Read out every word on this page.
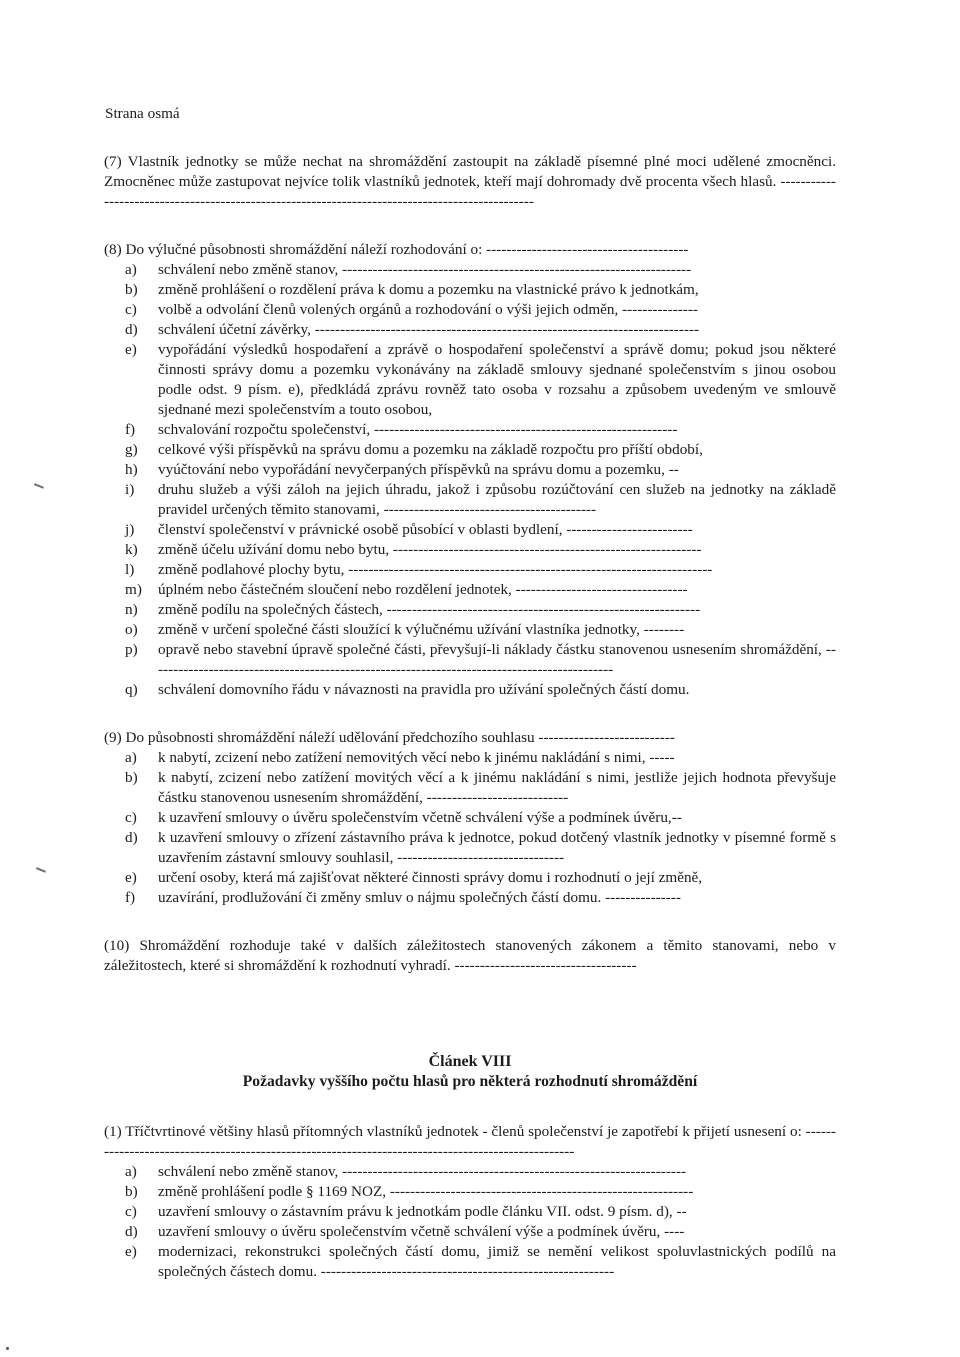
Strana osmá

(7) Vlastník jednotky se může nechat na shromáždění zastoupit na základě písemné plné moci udělené zmocněnci. Zmocněnec může zastupovat nejvíce tolik vlastníků jednotek, kteří mají dohromady dvě procenta všech hlasů. ------------------------------------------------------------------------------------------------

(8) Do výlučné působnosti shromáždění náleží rozhodování o: ----------------------------------------

a) schválení nebo změně stanov, ---------------------------------------------------------------------
b) změně prohlášení o rozdělení práva k domu a pozemku na vlastnické právo k jednotkám,
c) volbě a odvolání členů volených orgánů a rozhodování o výši jejich odměn, ---------------
d) schválení účetní závěrky, ----------------------------------------------------------------------------
e) vypořádání výsledků hospodaření a zprávě o hospodaření společenství a správě domu; pokud jsou některé činnosti správy domu a pozemku vykonávány na základě smlouvy sjednané společenstvím s jinou osobou podle odst. 9 písm. e), předkládá zprávu rovněž tato osoba v rozsahu a způsobem uvedeným ve smlouvě sjednané mezi společenstvím a touto osobou,
f) schvalování rozpočtu společenství, ------------------------------------------------------------
g) celkové výši příspěvků na správu domu a pozemku na základě rozpočtu pro příští období,
h) vyúčtování nebo vypořádání nevyčerpaných příspěvků na správu domu a pozemku, --
i) druhu služeb a výši záloh na jejich úhradu, jakož i způsobu rozúčtování cen služeb na jednotky na základě pravidel určených těmito stanovami, ------------------------------------------
j) členství společenství v právnické osobě působící v oblasti bydlení, -------------------------
k) změně účelu užívání domu nebo bytu, -------------------------------------------------------------
l) změně podlahové plochy bytu, ------------------------------------------------------------------------
m) úplném nebo částečném sloučení nebo rozdělení jednotek, ----------------------------------
n) změně podílu na společných částech, --------------------------------------------------------------
o) změně v určení společné části sloužící k výlučnému užívání vlastníka jednotky, --------
p) opravě nebo stavební úpravě společné části, převyšují-li náklady částku stanovenou usnesením shromáždění, --------------------------------------------------------------------------------------------
q) schválení domovního řádu v návaznosti na pravidla pro užívání společných částí domu.

(9) Do působnosti shromáždění náleží udělování předchozího souhlasu ---------------------------

a) k nabytí, zcizení nebo zatížení nemovitých věcí nebo k jinému nakládání s nimi, -----
b) k nabytí, zcizení nebo zatížení movitých věcí a k jinému nakládání s nimi, jestliže jejich hodnota převyšuje částku stanovenou usnesením shromáždění, ----------------------------
c) k uzavření smlouvy o úvěru společenstvím včetně schválení výše a podmínek úvěru,--
d) k uzavření smlouvy o zřízení zástavního práva k jednotce, pokud dotčený vlastník jednotky v písemné formě s uzavřením zástavní smlouvy souhlasil, ---------------------------------
e) určení osoby, která má zajišťovat některé činnosti správy domu i rozhodnutí o její změně,
f) uzavírání, prodlužování či změny smluv o nájmu společných částí domu. ---------------

(10) Shromáždění rozhoduje také v dalších záležitostech stanovených zákonem a těmito stanovami, nebo v záležitostech, které si shromáždění k rozhodnutí vyhradí. ------------------------------------

Článek VIII

Požadavky vyššího počtu hlasů pro některá rozhodnutí shromáždění

(1) Tříčtvrtinové většiny hlasů přítomných vlastníků jednotek - členů společenství je zapotřebí k přijetí usnesení o: ---------------------------------------------------------------------------------------------------

a) schválení nebo změně stanov, --------------------------------------------------------------------
b) změně prohlášení podle § 1169 NOZ, ------------------------------------------------------------
c) uzavření smlouvy o zástavním právu k jednotkám podle článku VII. odst. 9 písm. d), --
d) uzavření smlouvy o úvěru společenstvím včetně schválení výše a podmínek úvěru, ----
e) modernizaci, rekonstrukci společných částí domu, jimiž se nemění velikost spoluvlastnických podílů na společných částech domu. ----------------------------------------------------------
